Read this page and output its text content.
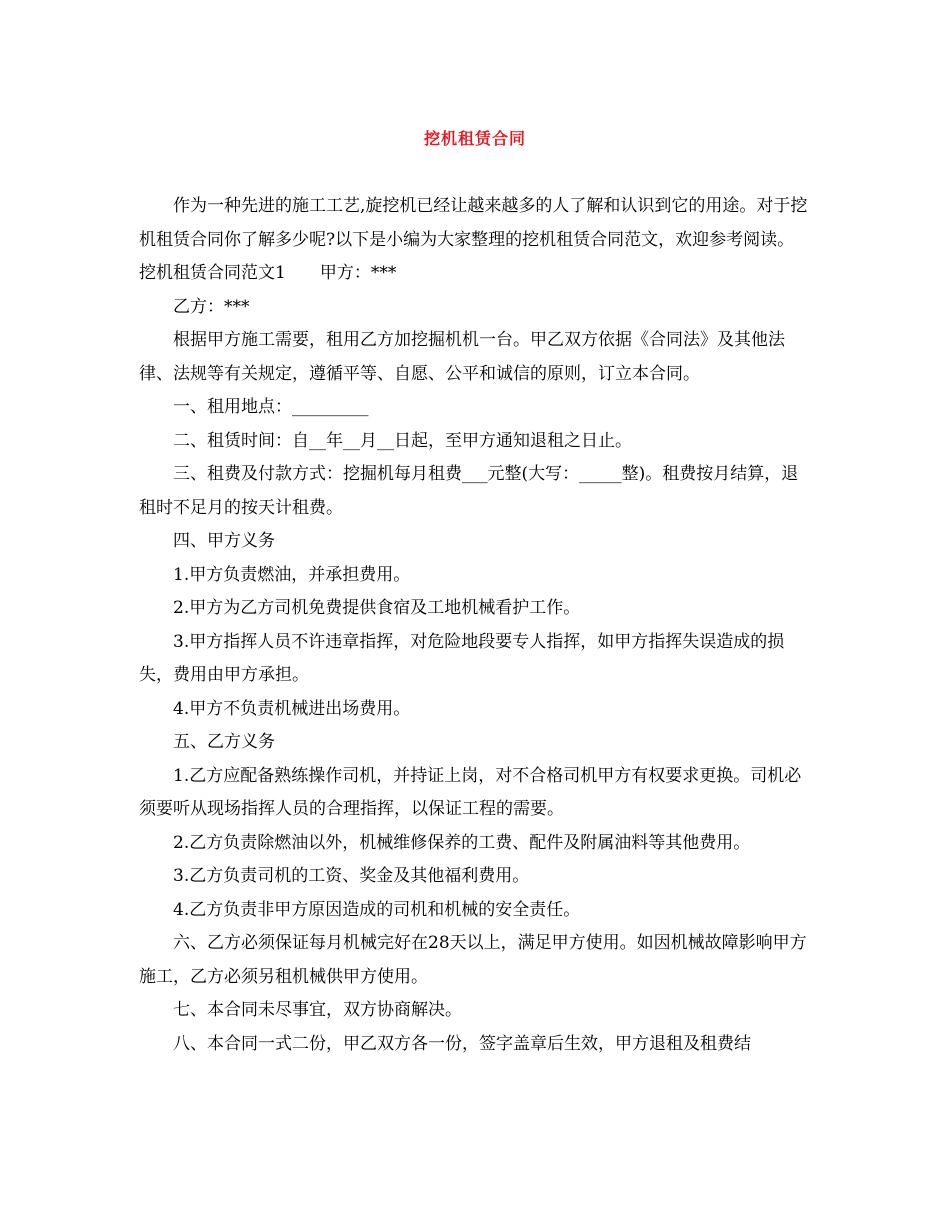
挖机租赁合同

作为一种先进的施工工艺,旋挖机已经让越来越多的人了解和认识到它的用途。对于挖机租赁合同你了解多少呢?以下是小编为大家整理的挖机租赁合同范文，欢迎参考阅读。

挖机租赁合同范文1 甲方：***

乙方：***

根据甲方施工需要，租用乙方加挖掘机机一台。甲乙双方依据《合同法》及其他法律、法规等有关规定，遵循平等、自愿、公平和诚信的原则，订立本合同。

一、租用地点：_________

二、租赁时间：自__年__月__日起，至甲方通知退租之日止。

三、租费及付款方式：挖掘机每月租费___元整(大写：_____整)。租费按月结算，退租时不足月的按天计租费。

四、甲方义务

1.甲方负责燃油，并承担费用。

2.甲方为乙方司机免费提供食宿及工地机械看护工作。

3.甲方指挥人员不许违章指挥，对危险地段要专人指挥，如甲方指挥失误造成的损失，费用由甲方承担。

4.甲方不负责机械进出场费用。

五、乙方义务

1.乙方应配备熟练操作司机，并持证上岗，对不合格司机甲方有权要求更换。司机必须要听从现场指挥人员的合理指挥，以保证工程的需要。

2.乙方负责除燃油以外，机械维修保养的工费、配件及附属油料等其他费用。

3.乙方负责司机的工资、奖金及其他福利费用。

4.乙方负责非甲方原因造成的司机和机械的安全责任。

六、乙方必须保证每月机械完好在28天以上，满足甲方使用。如因机械故障影响甲方施工，乙方必须另租机械供甲方使用。

七、本合同未尽事宜，双方协商解决。

八、本合同一式二份，甲乙双方各一份，签字盖章后生效，甲方退租及租费结
